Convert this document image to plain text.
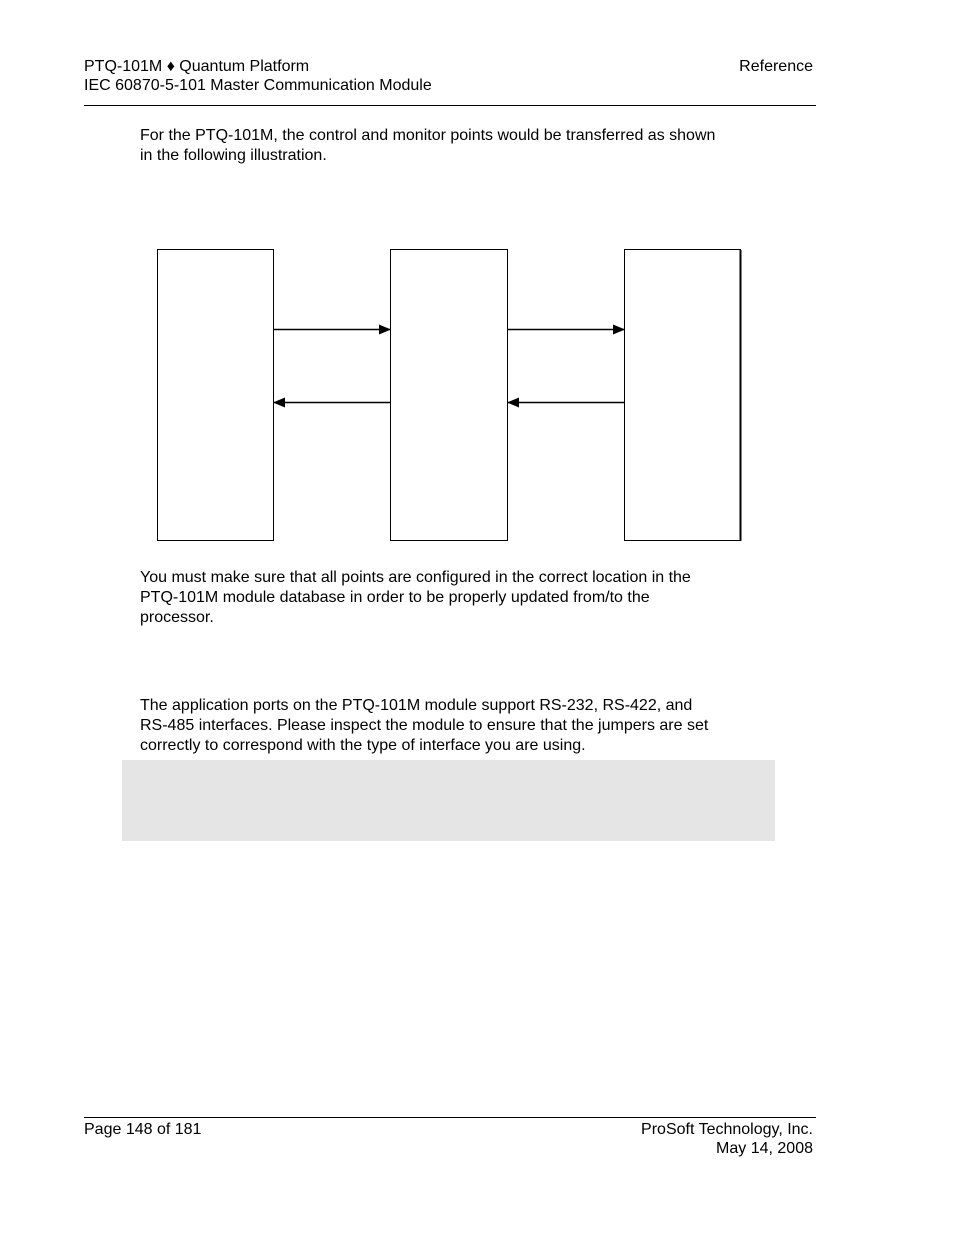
PTQ-101M ♦ Quantum Platform
IEC 60870-5-101 Master Communication Module
Reference
For the PTQ-101M, the control and monitor points would be transferred as shown
in the following illustration.
You must make sure that all points are configured in the correct location in the
PTQ-101M module database in order to be properly updated from/to the
processor.
The application ports on the PTQ-101M module support RS-232, RS-422, and
RS-485 interfaces. Please inspect the module to ensure that the jumpers are set
correctly to correspond with the type of interface you are using.
Page 148 of 181	ProSoft Technology, Inc.
May 14, 2008
